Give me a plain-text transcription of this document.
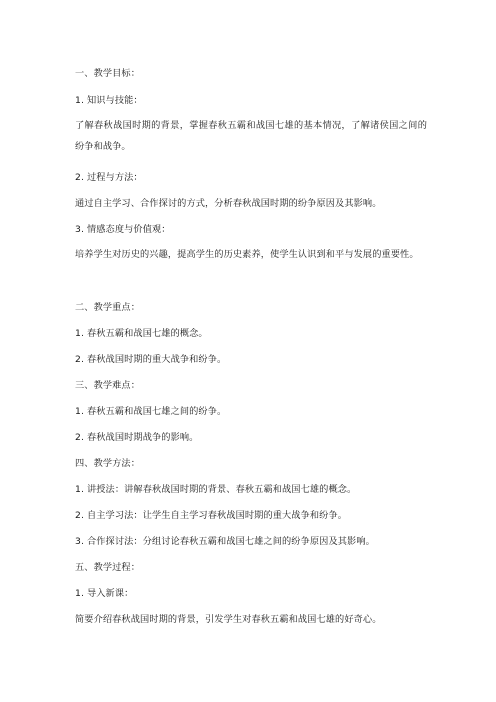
一、教学目标：
1. 知识与技能：
了解春秋战国时期的背景，掌握春秋五霸和战国七雄的基本情况，了解诸侯国之间的纷争和战争。
2. 过程与方法：
通过自主学习、合作探讨的方式，分析春秋战国时期的纷争原因及其影响。
3. 情感态度与价值观：
培养学生对历史的兴趣，提高学生的历史素养，使学生认识到和平与发展的重要性。
二、教学重点：
1. 春秋五霸和战国七雄的概念。
2. 春秋战国时期的重大战争和纷争。
三、教学难点：
1. 春秋五霸和战国七雄之间的纷争。
2. 春秋战国时期战争的影响。
四、教学方法：
1. 讲授法：讲解春秋战国时期的背景、春秋五霸和战国七雄的概念。
2. 自主学习法：让学生自主学习春秋战国时期的重大战争和纷争。
3. 合作探讨法：分组讨论春秋五霸和战国七雄之间的纷争原因及其影响。
五、教学过程：
1. 导入新课：
简要介绍春秋战国时期的背景，引发学生对春秋五霸和战国七雄的好奇心。
